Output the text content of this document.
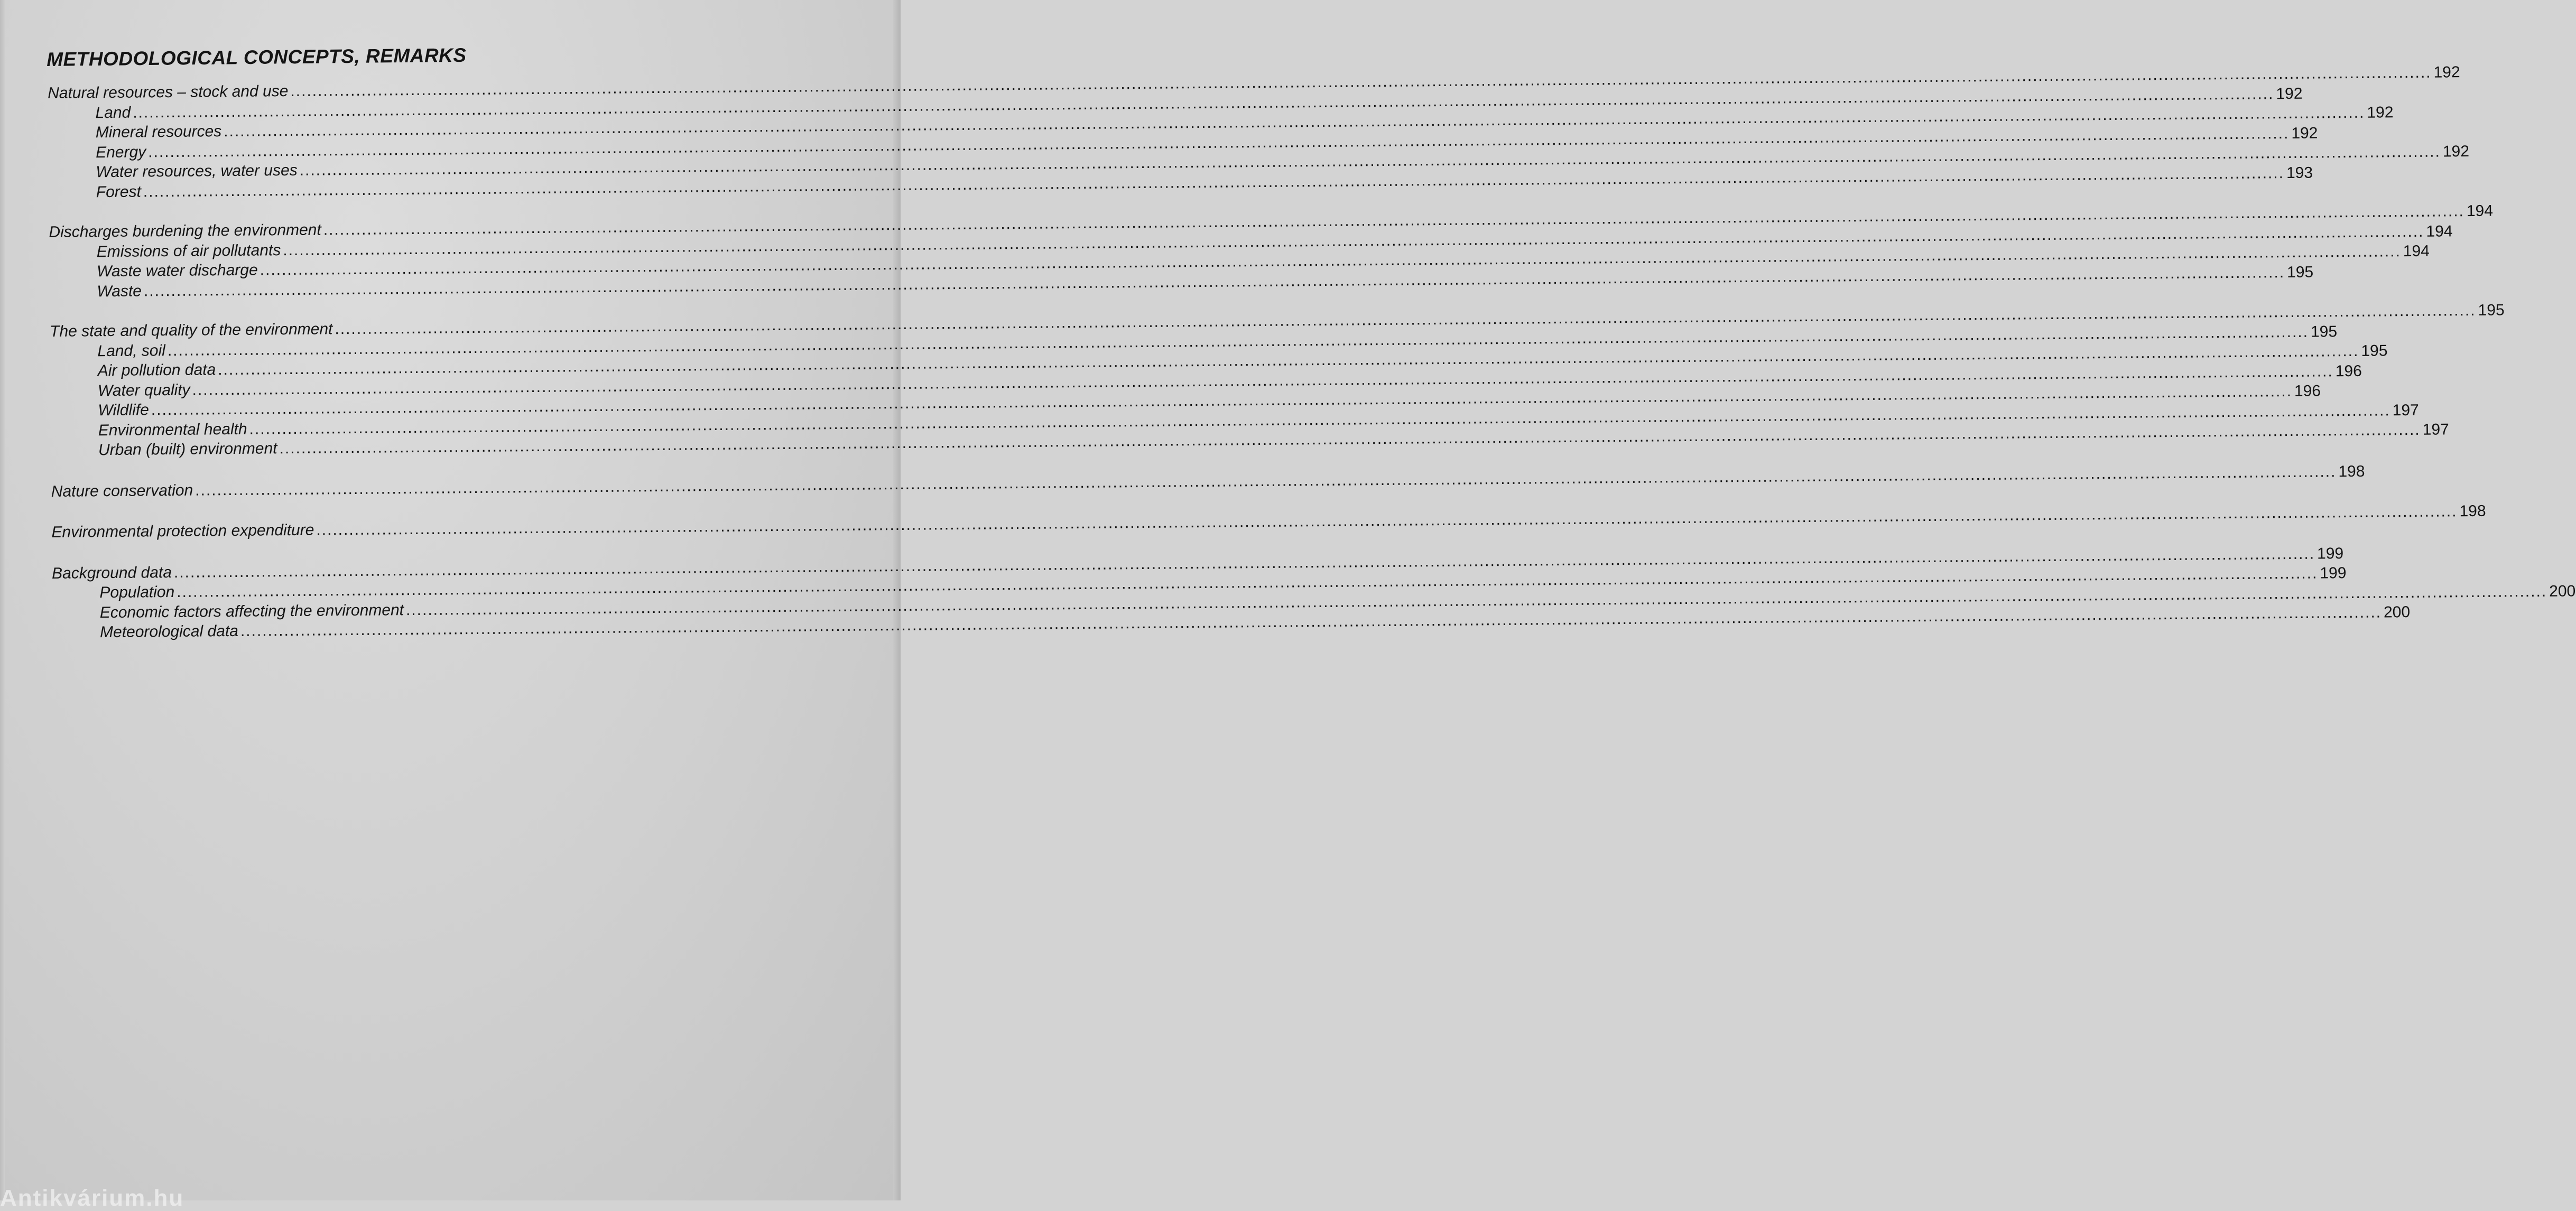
METHODOLOGICAL CONCEPTS, REMARKS
Natural resources – stock and use
.....
192
Land
.....
192
Mineral resources
.....
192
Energy
.....
192
Water resources, water uses
.....
192
Forest
.....
193
Discharges burdening the environment
.....
194
Emissions of air pollutants
.....
194
Waste water discharge
.....
194
Waste
.....
195
The state and quality of the environment
.....
195
Land, soil
.....
195
Air pollution data
.....
195
Water quality
.....
196
Wildlife
.....
196
Environmental health
.....
197
Urban (built) environment
.....
197
Nature conservation
.....
198
Environmental protection expenditure
.....
198
Background data
.....
199
Population
.....
199
Economic factors affecting the environment
.....
200
Meteorological data
.....
200
Antikvárium.hu
